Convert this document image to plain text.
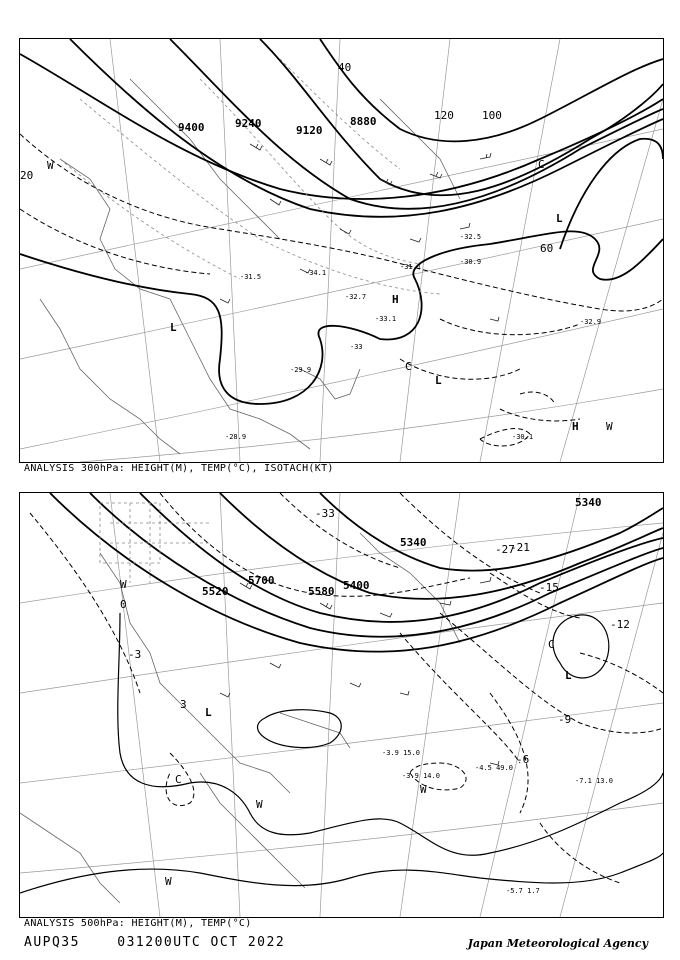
9400	9240
9120
8880
20
40
60
100
120
L
L
L
H
H
C
C
W
W
-30.1
-31.1
-32.9
-33
-29.9
-28.9
-30.9
-32.5
-32.7
-33.1
-34.1
-31.5
ANALYSIS 300hPa: HEIGHT(M), TEMP(°C), ISOTACH(KT)
5340
5340
5400
5520	5580
5700
-33
-27
-21
-15
-12
-9
-6
-3
0
3
L
L
C
C
W
W
W
W
-7.1 13.0
-4.5 49.0
-3.9 14.0
-5.7 1.7
-3.9 15.0
ANALYSIS 500hPa: HEIGHT(M), TEMP(°C)
AUPQ35	031200UTC OCT 2022	Japan Meteorological Agency
